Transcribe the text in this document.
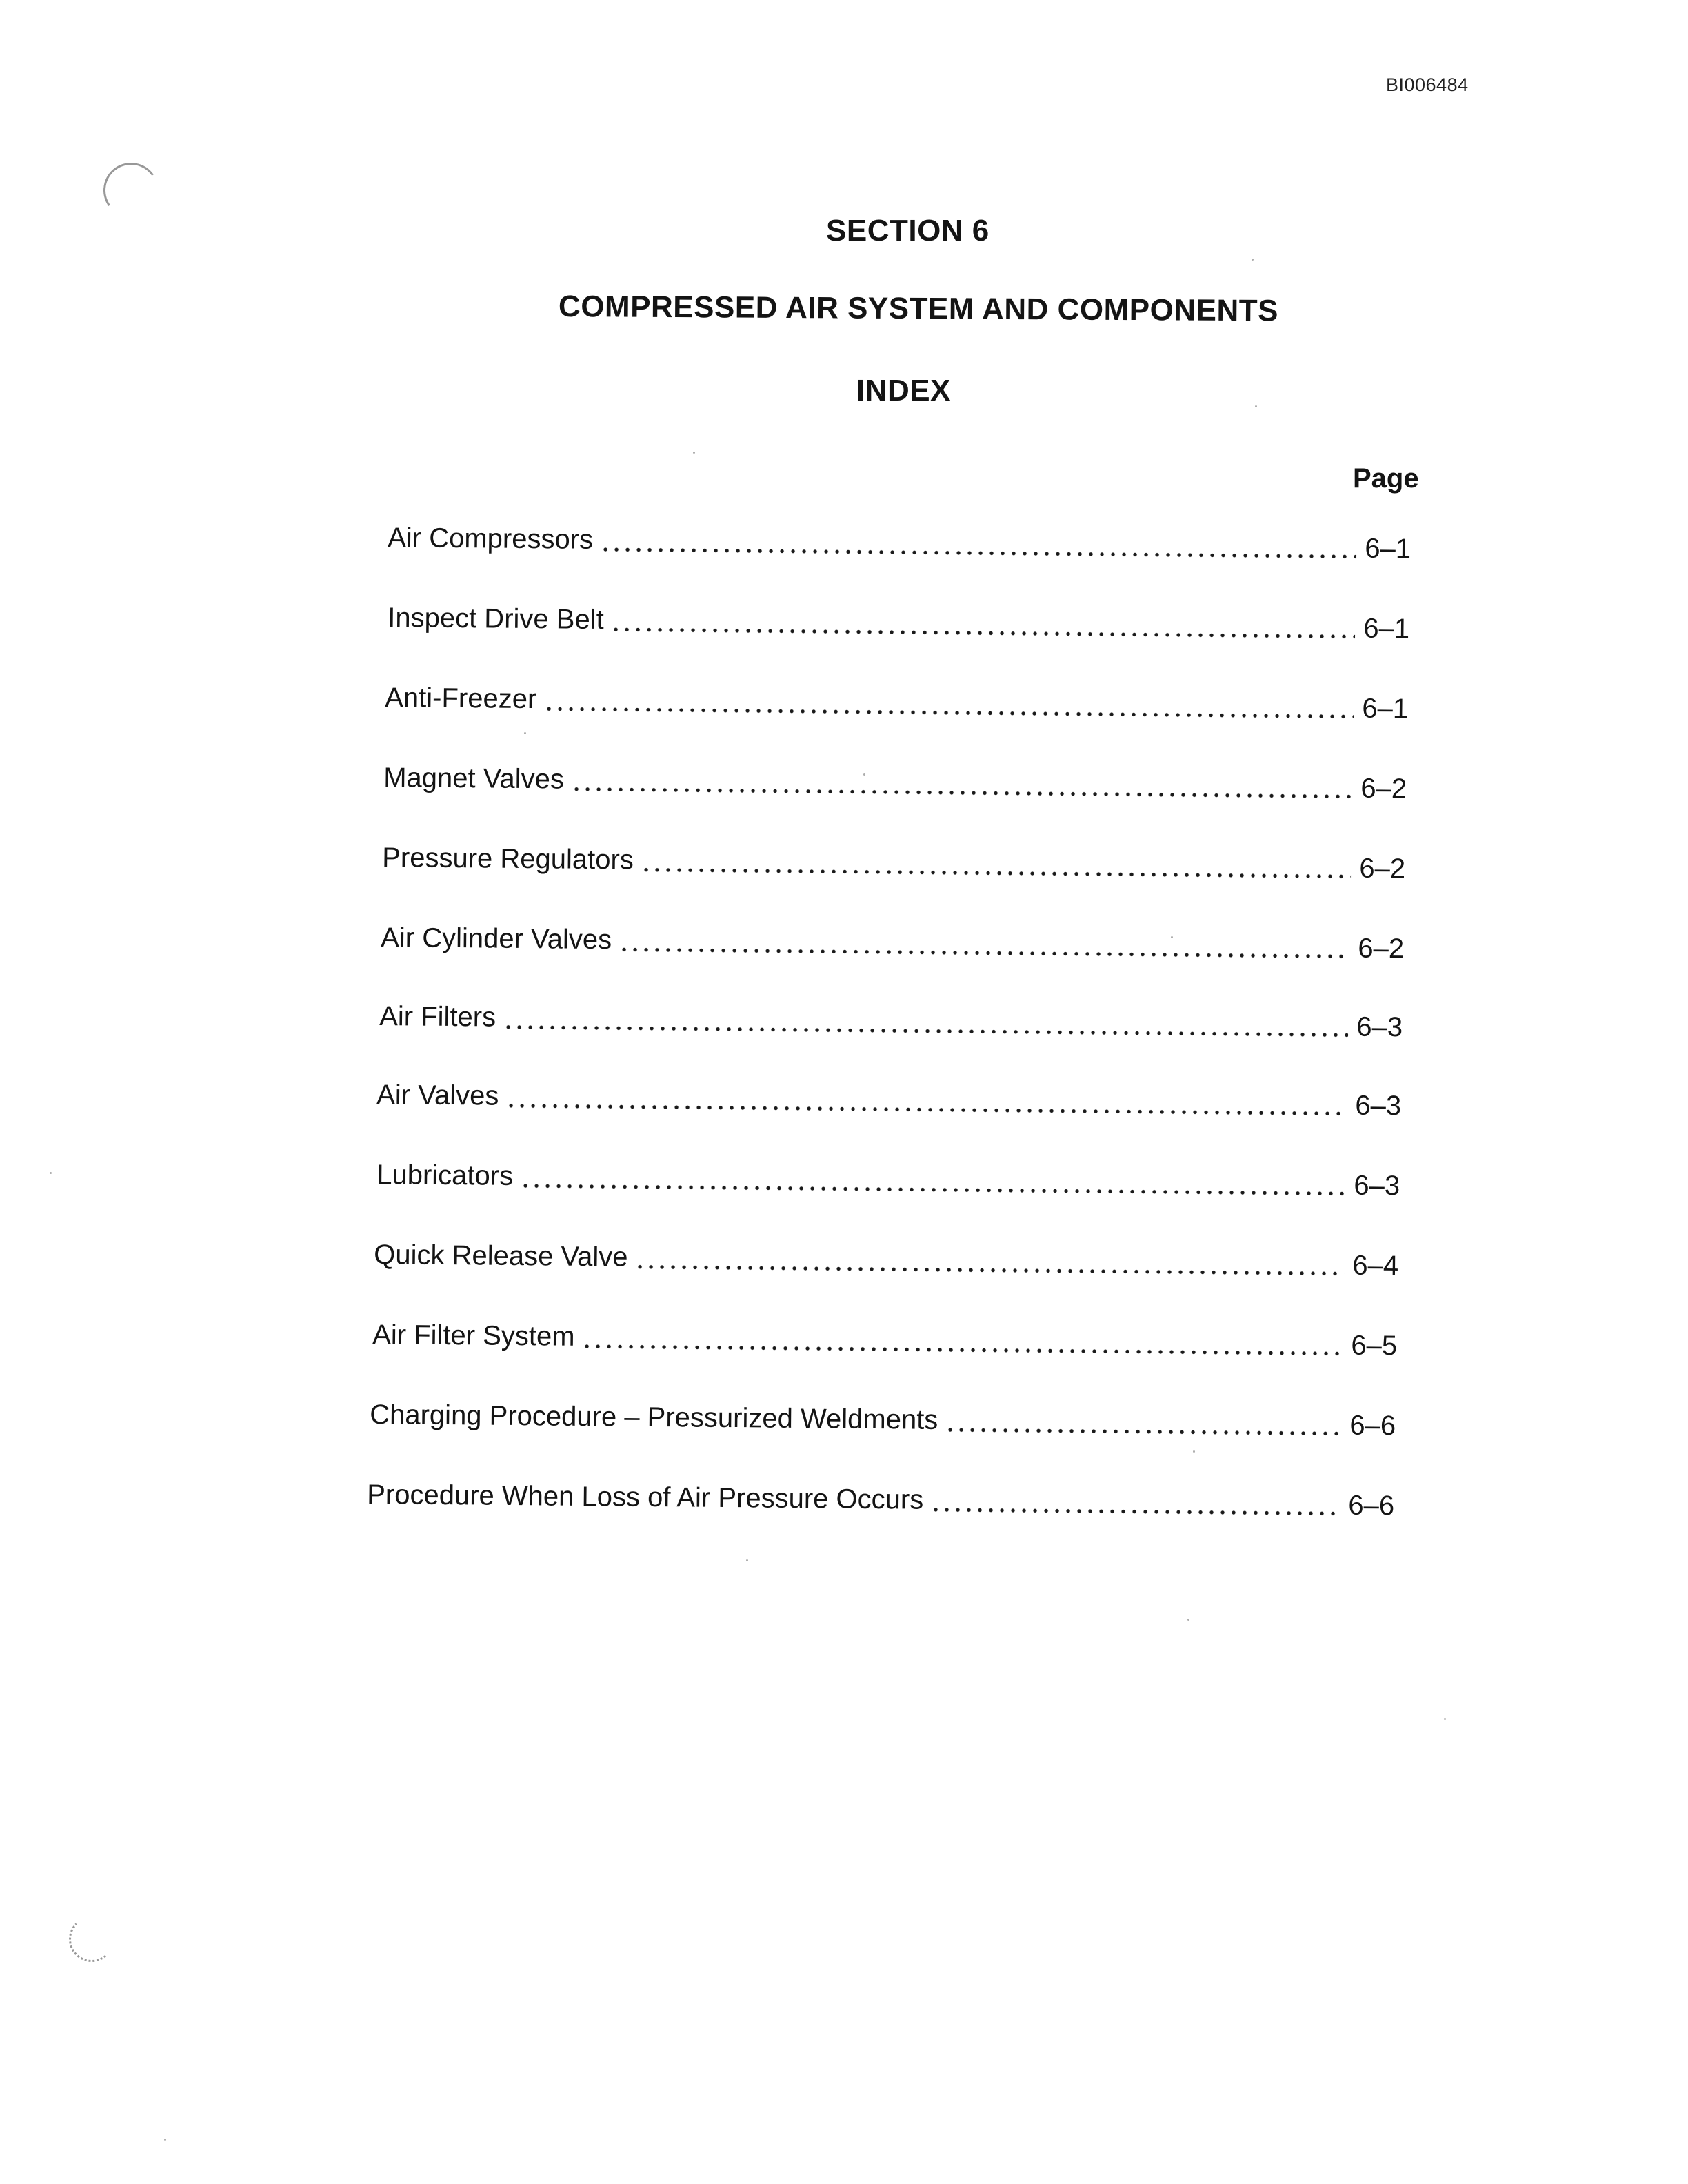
BI006484
SECTION 6
COMPRESSED AIR SYSTEM AND COMPONENTS
INDEX
Page
Air Compressors	6–1
Inspect Drive Belt	6–1
Anti-Freezer	6–1
Magnet Valves	6–2
Pressure Regulators	6–2
Air Cylinder Valves	6–2
Air Filters	6–3
Air Valves	6–3
Lubricators	6–3
Quick Release Valve	6–4
Air Filter System	6–5
Charging Procedure – Pressurized Weldments	6–6
Procedure When Loss of Air Pressure Occurs	6–6
